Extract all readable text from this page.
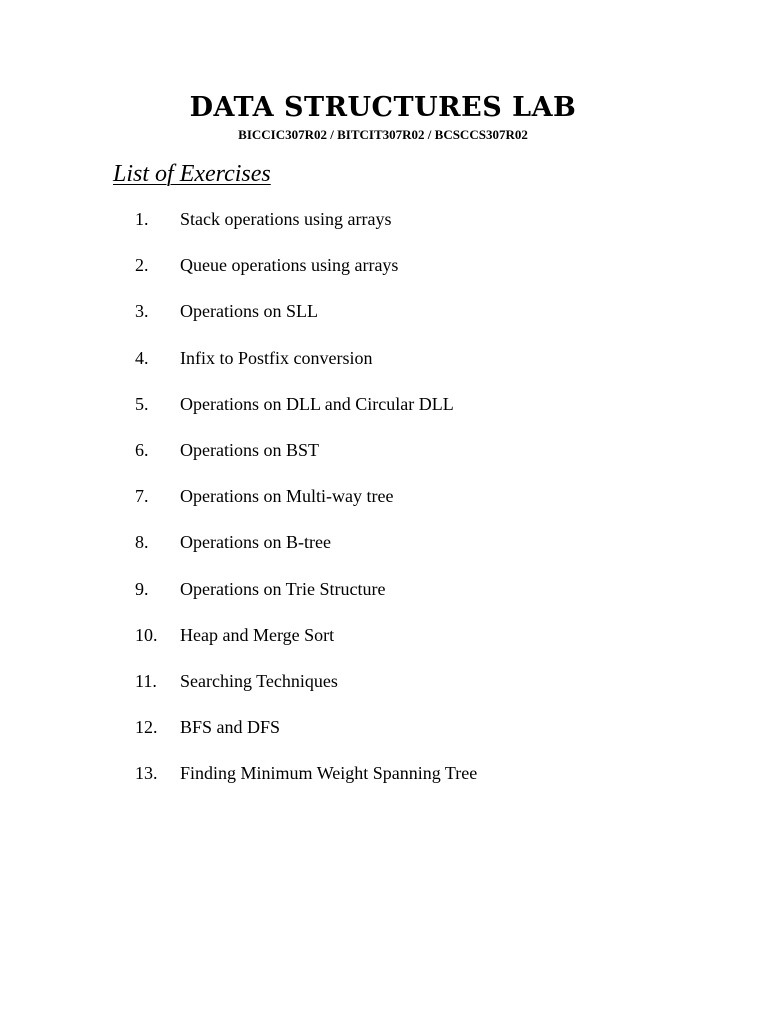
DATA STRUCTURES LAB
BICCIC307R02 / BITCIT307R02 / BCSCCS307R02
List of Exercises
1. Stack operations using arrays
2. Queue operations using arrays
3. Operations on SLL
4. Infix to Postfix conversion
5. Operations on DLL and Circular DLL
6. Operations on BST
7. Operations on Multi-way tree
8. Operations on B-tree
9. Operations on Trie Structure
10. Heap and Merge Sort
11. Searching Techniques
12. BFS and DFS
13. Finding Minimum Weight Spanning Tree
